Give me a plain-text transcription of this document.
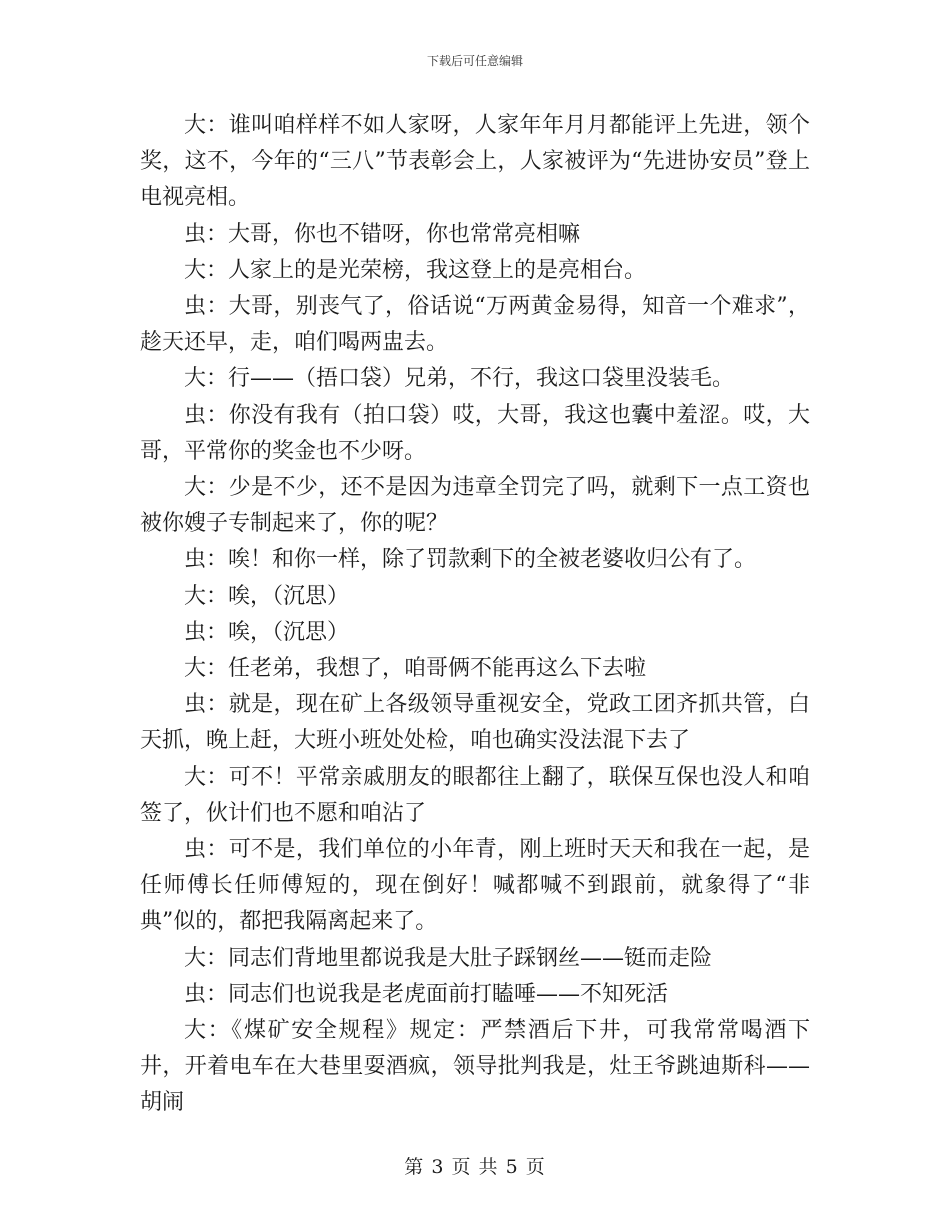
下载后可任意编辑

大：谁叫咱样样不如人家呀，人家年年月月都能评上先进，领个奖，这不，今年的“三八”节表彰会上，人家被评为“先进协安员”登上电视亮相。

虫：大哥，你也不错呀，你也常常亮相嘛

大：人家上的是光荣榜，我这登上的是亮相台。

虫：大哥，别丧气了，俗话说“万两黄金易得，知音一个难求”，趁天还早，走，咱们喝两盅去。

大：行——（捂口袋）兄弟，不行，我这口袋里没装毛。

虫：你没有我有（拍口袋）哎，大哥，我这也囊中羞涩。哎，大哥，平常你的奖金也不少呀。

大：少是不少，还不是因为违章全罚完了吗，就剩下一点工资也被你嫂子专制起来了，你的呢？

虫：唉！和你一样，除了罚款剩下的全被老婆收归公有了。

大：唉，（沉思）

虫：唉，（沉思）

大：任老弟，我想了，咱哥俩不能再这么下去啦

虫：就是，现在矿上各级领导重视安全，党政工团齐抓共管，白天抓，晚上赶，大班小班处处检，咱也确实没法混下去了

大：可不！平常亲戚朋友的眼都往上翻了，联保互保也没人和咱签了，伙计们也不愿和咱沾了

虫：可不是，我们单位的小年青，刚上班时天天和我在一起，是任师傅长任师傅短的，现在倒好！喊都喊不到跟前，就象得了“非典”似的，都把我隔离起来了。

大：同志们背地里都说我是大肚子踩钢丝——铤而走险

虫：同志们也说我是老虎面前打瞌唾——不知死活

大：《煤矿安全规程》规定：严禁酒后下井，可我常常喝酒下井，开着电车在大巷里耍酒疯，领导批判我是，灶王爷跳迪斯科——胡闹

第 3 页 共 5 页
